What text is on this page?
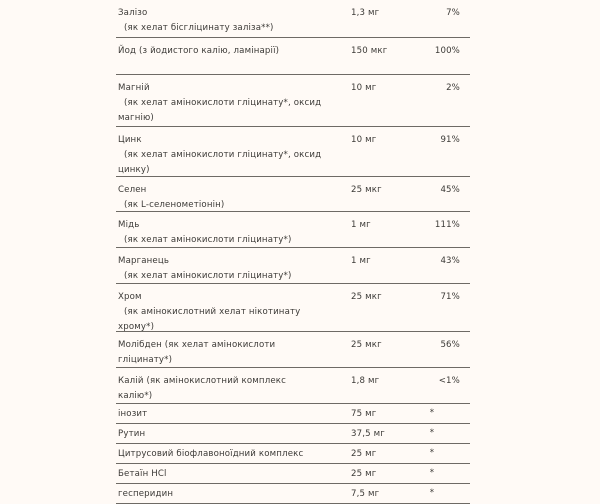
Залізо
(як хелат бісгліцинату заліза**)
1,3 мг	7%
Йод (з йодистого калію, ламінарії)	150 мкг	100%
Магній
(як хелат амінокислоти гліцинату*, оксид
магнію)
10 мг	2%
Цинк
(як хелат амінокислоти гліцинату*, оксид
цинку)
10 мг	91%
Селен
(як L-селенометіонін)
25 мкг	45%
Мідь
(як хелат амінокислоти гліцинату*)
1 мг	111%
Марганець
(як хелат амінокислоти гліцинату*)
1 мг	43%
Хром
(як амінокислотний хелат нікотинату
хрому*)
25 мкг	71%
Молібден (як хелат амінокислоти
гліцинату*)
25 мкг	56%
Калій (як амінокислотний комплекс
калію*)
1,8 мг	<1%
інозит	75 мг	*
Рутин	37,5 мг	*
Цитрусовий біофлавоноїдний комплекс	25 мг	*
Бетаїн HCl	25 мг	*
гесперидин	7,5 мг	*
